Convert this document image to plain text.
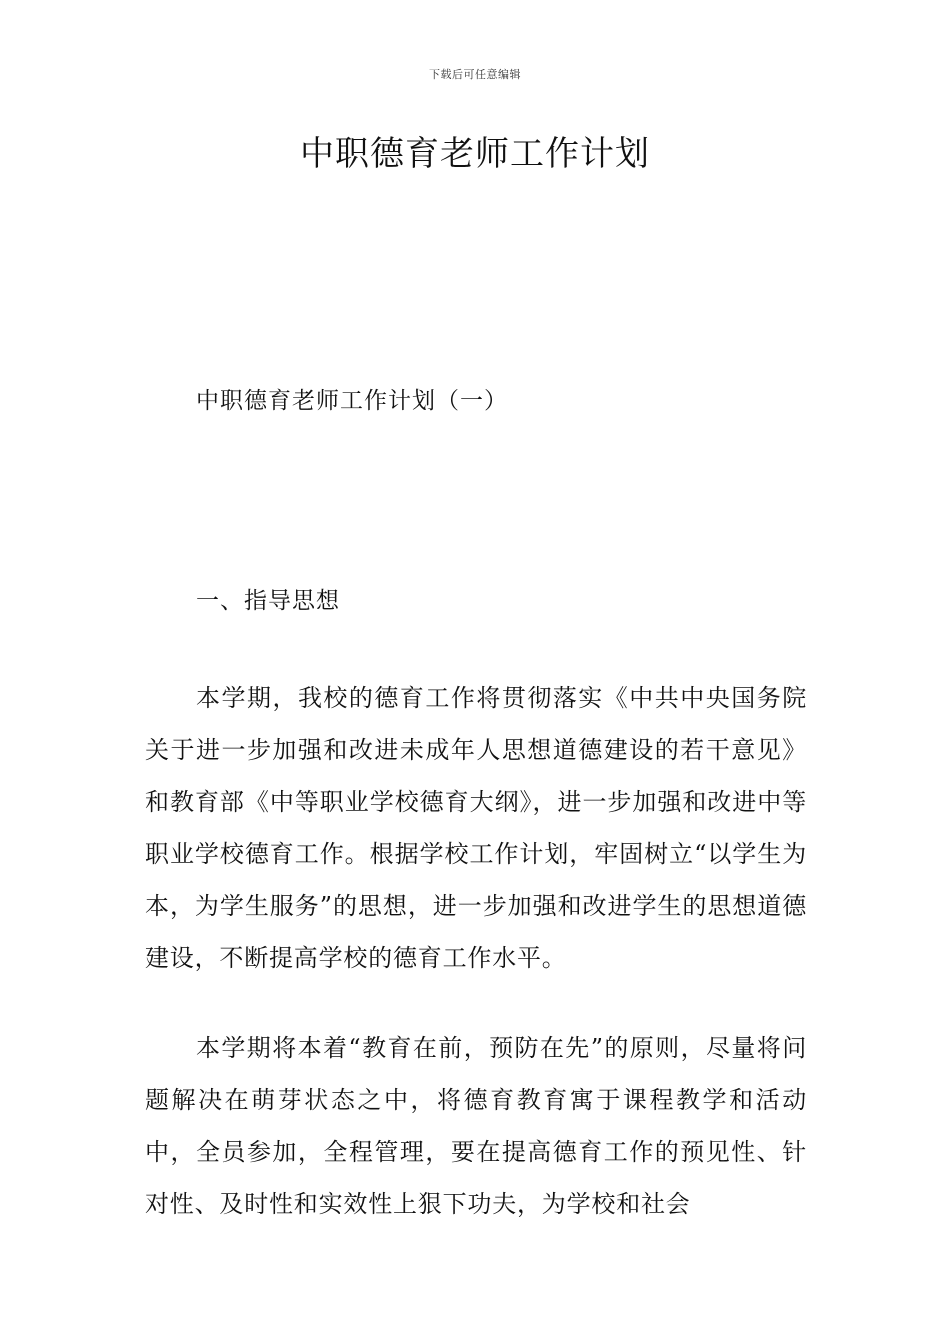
下载后可任意编辑
中职德育老师工作计划
中职德育老师工作计划（一）
一、指导思想

本学期，我校的德育工作将贯彻落实《中共中央国务院关于进一步加强和改进未成年人思想道德建设的若干意见》和教育部《中等职业学校德育大纲》，进一步加强和改进中等职业学校德育工作。根据学校工作计划，牢固树立“以学生为本，为学生服务”的思想，进一步加强和改进学生的思想道德建设，不断提高学校的德育工作水平。

本学期将本着“教育在前，预防在先”的原则，尽量将问题解决在萌芽状态之中，将德育教育寓于课程教学和活动中，全员参加，全程管理，要在提高德育工作的预见性、针对性、及时性和实效性上狠下功夫，为学校和社会
